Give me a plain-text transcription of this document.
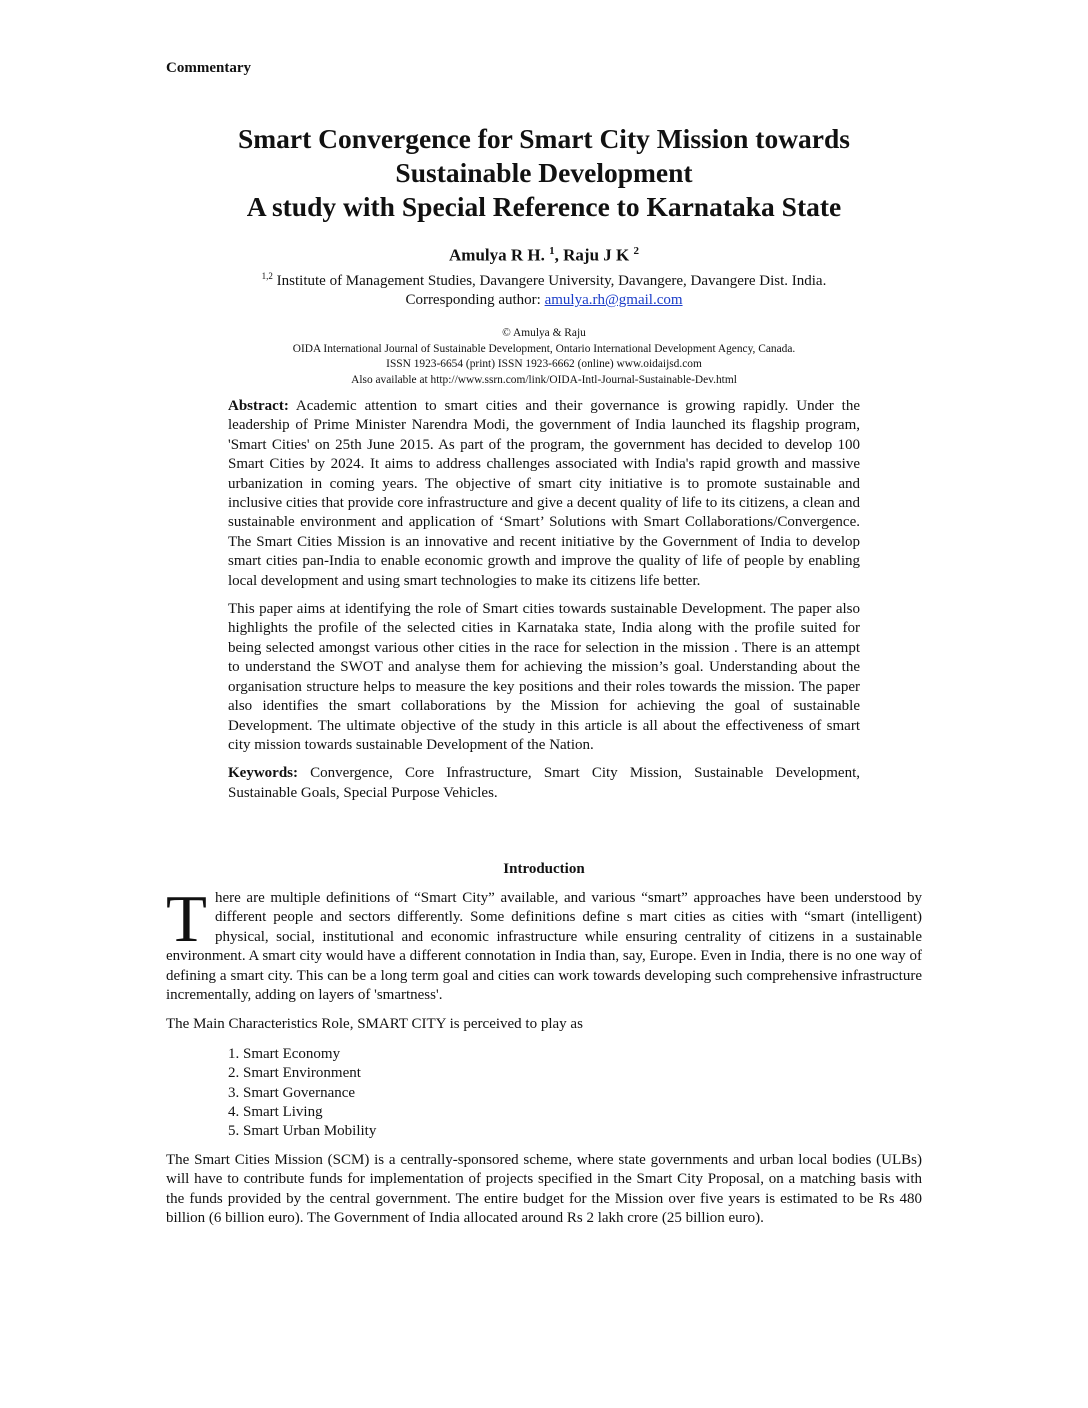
Commentary
Smart Convergence for Smart City Mission towards
Sustainable Development
A study with Special Reference to Karnataka State
Amulya R H. $^1$, Raju J K $^2$
$^{1,2}$ Institute of Management Studies, Davangere University, Davangere, Davangere Dist. India.
Corresponding author: amulya.rh@gmail.com
© Amulya & Raju
OIDA International Journal of Sustainable Development, Ontario International Development Agency, Canada.
ISSN 1923-6654 (print) ISSN 1923-6662 (online) www.oidaijsd.com
Also available at http://www.ssrn.com/link/OIDA-Intl-Journal-Sustainable-Dev.html

Abstract: Academic attention to smart cities and their governance is growing rapidly. Under the leadership of Prime Minister Narendra Modi, the government of India launched its flagship program, 'Smart Cities' on 25th June 2015. As part of the program, the government has decided to develop 100 Smart Cities by 2024. It aims to address challenges associated with India's rapid growth and massive urbanization in coming years. The objective of smart city initiative is to promote sustainable and inclusive cities that provide core infrastructure and give a decent quality of life to its citizens, a clean and sustainable environment and application of ‘Smart’ Solutions with Smart Collaborations/Convergence. The Smart Cities Mission is an innovative and recent initiative by the Government of India to develop smart cities pan-India to enable economic growth and improve the quality of life of people by enabling local development and using smart technologies to make its citizens life better.

This paper aims at identifying the role of Smart cities towards sustainable Development. The paper also highlights the profile of the selected cities in Karnataka state, India along with the profile suited for being selected amongst various other cities in the race for selection in the mission . There is an attempt to understand the SWOT and analyse them for achieving the mission’s goal. Understanding about the organisation structure helps to measure the key positions and their roles towards the mission. The paper also identifies the smart collaborations by the Mission for achieving the goal of sustainable Development. The ultimate objective of the study in this article is all about the effectiveness of smart city mission towards sustainable Development of the Nation.

Keywords: Convergence, Core Infrastructure, Smart City Mission, Sustainable Development, Sustainable Goals, Special Purpose Vehicles.

Introduction

There are multiple definitions of “Smart City” available, and various “smart” approaches have been understood by different people and sectors differently. Some definitions define s mart cities as cities with “smart (intelligent) physical, social, institutional and economic infrastructure while ensuring centrality of citizens in a sustainable environment. A smart city would have a different connotation in India than, say, Europe. Even in India, there is no one way of defining a smart city. This can be a long term goal and cities can work towards developing such comprehensive infrastructure incrementally, adding on layers of 'smartness'.

The Main Characteristics Role, SMART CITY is perceived to play as

1. Smart Economy
2. Smart Environment
3. Smart Governance
4. Smart Living
5. Smart Urban Mobility

The Smart Cities Mission (SCM) is a centrally-sponsored scheme, where state governments and urban local bodies (ULBs) will have to contribute funds for implementation of projects specified in the Smart City Proposal, on a matching basis with the funds provided by the central government. The entire budget for the Mission over five years is estimated to be Rs 480 billion (6 billion euro). The Government of India allocated around Rs 2 lakh crore (25 billion euro).
